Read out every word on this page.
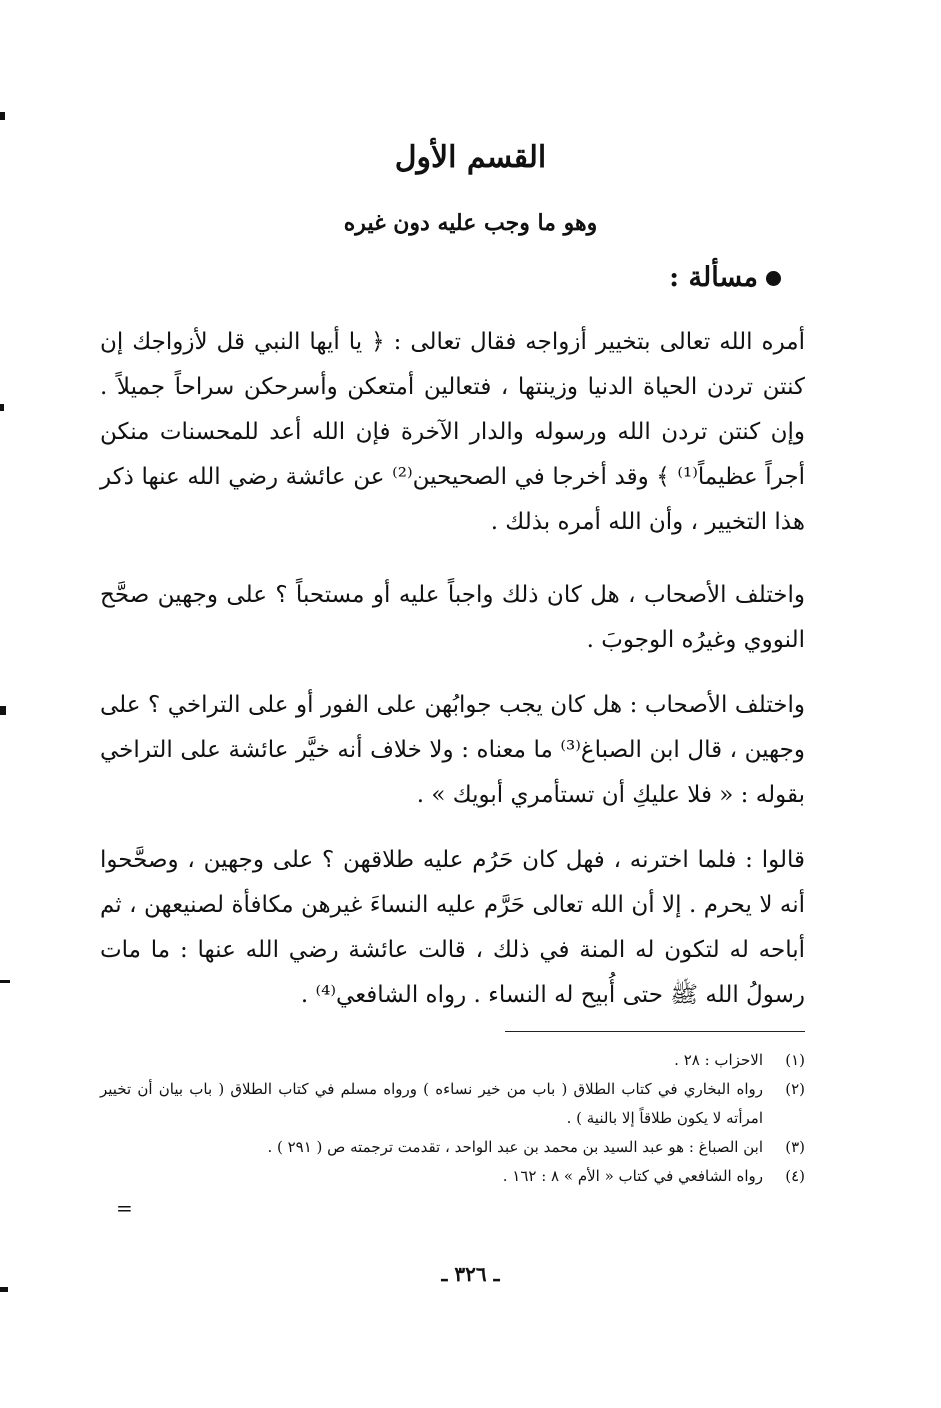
القسم الأول
وهو ما وجب عليه دون غيره
مسألة :
أمره الله تعالى بتخيير أزواجه فقال تعالى : ﴿ يا أيها النبي قل لأزواجك إن كنتن تردن الحياة الدنيا وزينتها ، فتعالين أمتعكن وأسرحكن سراحاً جميلاً . وإن كنتن تردن الله ورسوله والدار الآخرة فإن الله أعد للمحسنات منكن أجراً عظيماً⁽¹⁾ ﴾ وقد أخرجا في الصحيحين⁽²⁾ عن عائشة رضي الله عنها ذكر هذا التخيير ، وأن الله أمره بذلك .
واختلف الأصحاب ، هل كان ذلك واجباً عليه أو مستحباً ؟ على وجهين صحَّح النووي وغيرُه الوجوبَ .
واختلف الأصحاب : هل كان يجب جوابُهن على الفور أو على التراخي ؟ على وجهين ، قال ابن الصباغ⁽³⁾ ما معناه : ولا خلاف أنه خيَّر عائشة على التراخي بقوله : « فلا عليكِ أن تستأمري أبويك » .
قالوا : فلما اخترنه ، فهل كان حَرُم عليه طلاقهن ؟ على وجهين ، وصحَّحوا أنه لا يحرم . إلا أن الله تعالى حَرَّم عليه النساءَ غيرهن مكافأة لصنيعهن ، ثم أباحه له لتكون له المنة في ذلك ، قالت عائشة رضي الله عنها : ما مات رسولُ الله ﷺ حتى أُبيح له النساء . رواه الشافعي⁽⁴⁾ .
(١)
الاحزاب : ٢٨ .
(٢)
رواه البخاري في كتاب الطلاق ( باب من خير نساءه ) ورواه مسلم في كتاب الطلاق ( باب بيان أن تخيير امرأته لا يكون طلاقاً إلا بالنية ) .
(٣)
ابن الصباغ : هو عبد السيد بن محمد بن عبد الواحد ، تقدمت ترجمته ص ( ٢٩١ ) .
(٤)
رواه الشافعي في كتاب « الأم » ٨ : ١٦٢ .
=
ـ ٣٢٦ ـ
